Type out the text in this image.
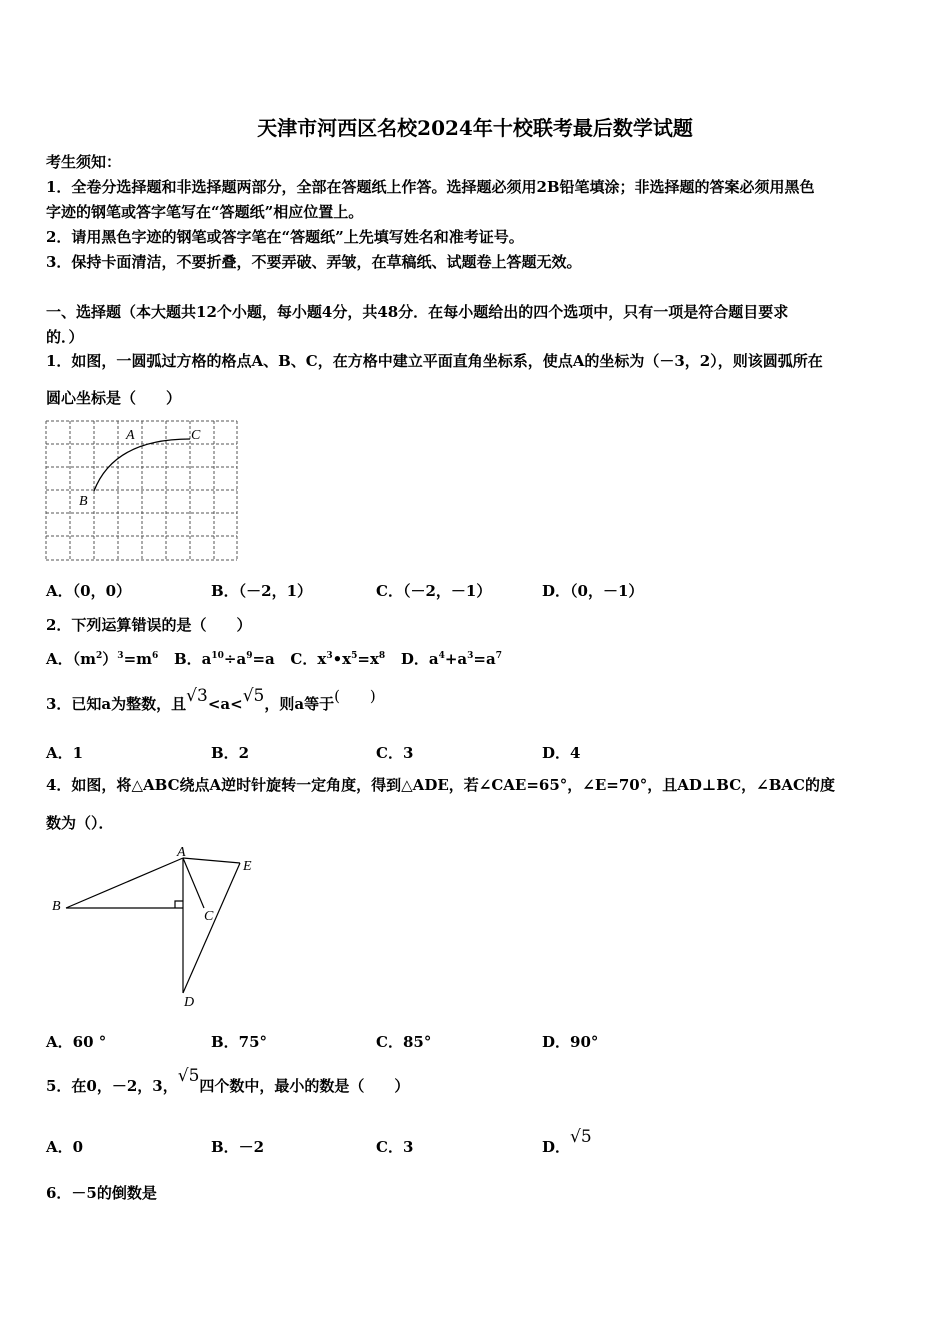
天津市河西区名校2024年十校联考最后数学试题
考生须知：
1．全卷分选择题和非选择题两部分，全部在答题纸上作答。选择题必须用2B铅笔填涂；非选择题的答案必须用黑色
字迹的钢笔或答字笔写在“答题纸”相应位置上。
2．请用黑色字迹的钢笔或答字笔在“答题纸”上先填写姓名和准考证号。
3．保持卡面清洁，不要折叠，不要弄破、弄皱，在草稿纸、试题卷上答题无效。
一、选择题（本大题共12个小题，每小题4分，共48分．在每小题给出的四个选项中，只有一项是符合题目要求
的．）
1．如图，一圆弧过方格的格点A、B、C，在方格中建立平面直角坐标系，使点A的坐标为（－3，2），则该圆弧所在
圆心坐标是（　　）
A	C
B
A．（0，0）	B．（－2，1）	C．（－2，－1）	D．（0，－1）
2．下列运算错误的是（　　）
A．$(m^2)^3=m^6$ B．$a^{10}\div a^9=a$ C．$x^3•x^5=x^8$ D．$a^4+a^3=a^7$
3．已知a为整数，且√3<a<√5，则a等于(　　)
A．1	B．2	C．3	D．4
4．如图，将△ABC绕点A逆时针旋转一定角度，得到△ADE，若∠CAE=65°，∠E=70°，且AD⊥BC，∠BAC的度
数为（）．
A
E
B
C
D
A．60 °	B．75°	C．85°	D．90°
5．在0，－2，3，√5四个数中，最小的数是（　　）
A．0	B．－2	C．3	D．√5
6．－5的倒数是
